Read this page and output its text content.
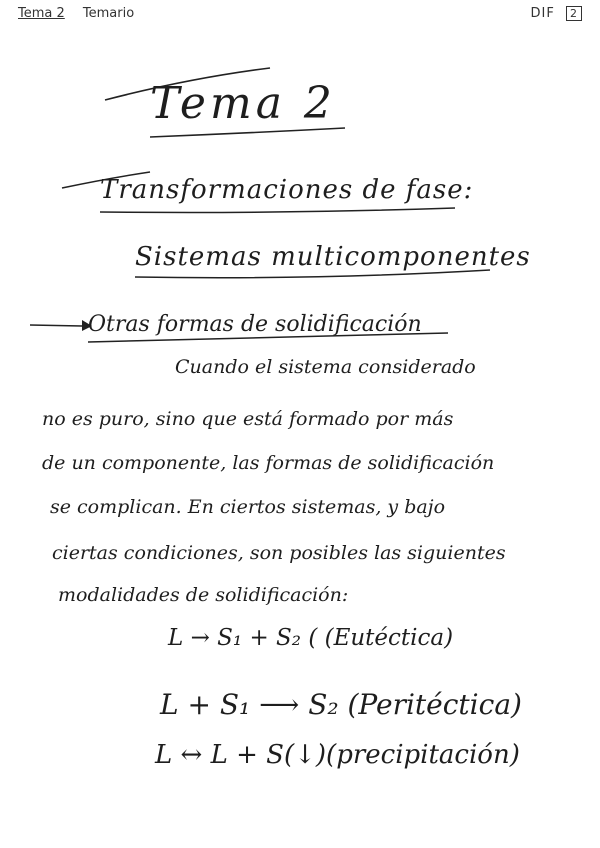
Tema 2 Temario	DIF 2
Tema 2
Transformaciones de fase:
Sistemas multicomponentes
Otras formas de solidificación
Cuando el sistema considerado
no es puro, sino que está formado por más
de un componente, las formas de solidificación
se complican. En ciertos sistemas, y bajo
ciertas condiciones, son posibles las siguientes
modalidades de solidificación:
L → S₁ + S₂ ( (Eutéctica)
L + S₁ ⟶ S₂ (Peritéctica)
L ↔ L + S(↓)(precipitación)
